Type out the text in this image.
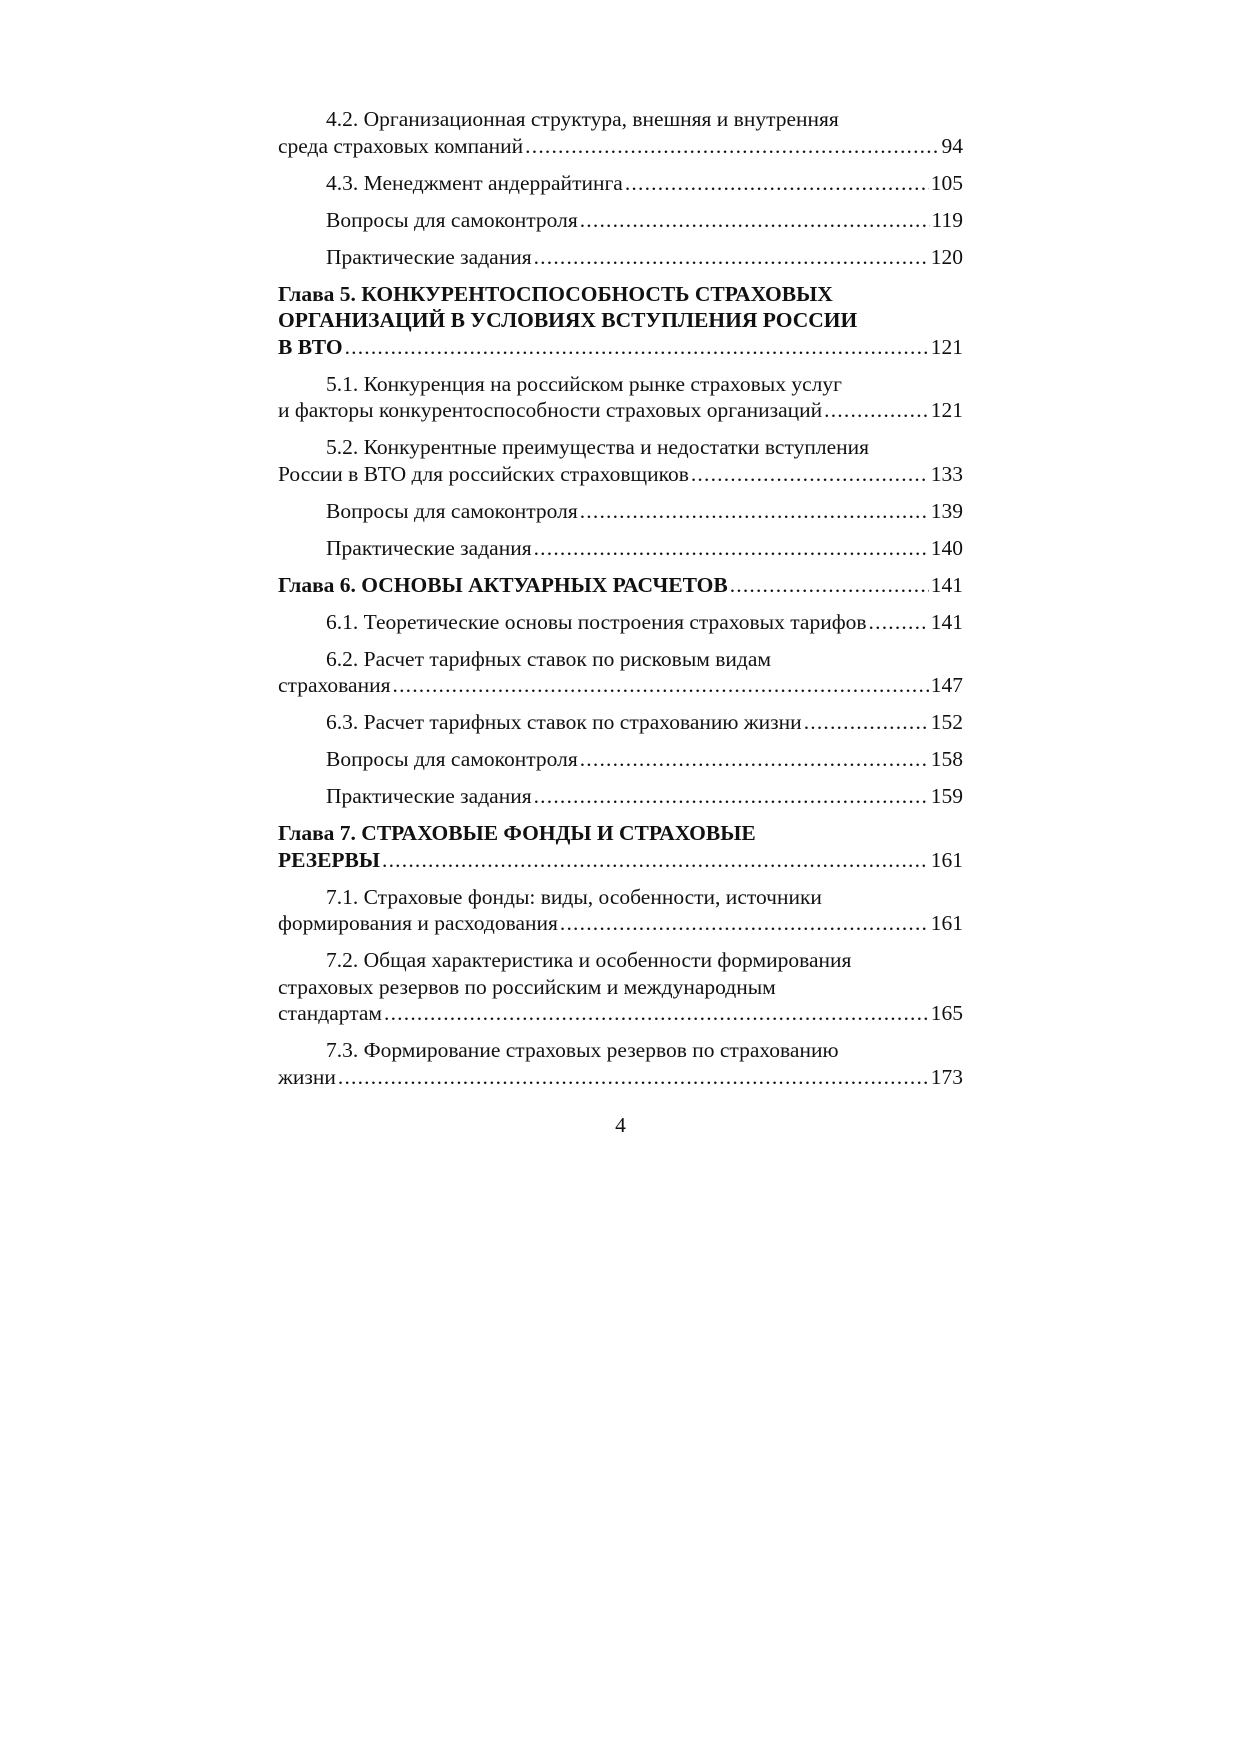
4.2. Организационная структура, внешняя и внутренняя
среда страховых компаний .....	94
4.3. Менеджмент андеррайтинга .....	105
Вопросы для самоконтроля .....	119
Практические задания .....	120
Глава 5. КОНКУРЕНТОСПОСОБНОСТЬ СТРАХОВЫХ
ОРГАНИЗАЦИЙ В УСЛОВИЯХ ВСТУПЛЕНИЯ РОССИИ
В ВТО .....	121
5.1. Конкуренция на российском рынке страховых услуг
и факторы конкурентоспособности страховых организаций .....	121
5.2. Конкурентные преимущества и недостатки вступления
России в ВТО для российских страховщиков .....	133
Вопросы для самоконтроля .....	139
Практические задания .....	140
Глава 6. ОСНОВЫ АКТУАРНЫХ РАСЧЕТОВ .....	141
6.1. Теоретические основы построения страховых тарифов .....	141
6.2. Расчет тарифных ставок по рисковым видам
страхования .....	147
6.3. Расчет тарифных ставок по страхованию жизни .....	152
Вопросы для самоконтроля .....	158
Практические задания .....	159
Глава 7. СТРАХОВЫЕ ФОНДЫ И СТРАХОВЫЕ
РЕЗЕРВЫ .....	161
7.1. Страховые фонды: виды, особенности, источники
формирования и расходования .....	161
7.2. Общая характеристика и особенности формирования
страховых резервов по российским и международным
стандартам .....	165
7.3. Формирование страховых резервов по страхованию
жизни .....	173
4
